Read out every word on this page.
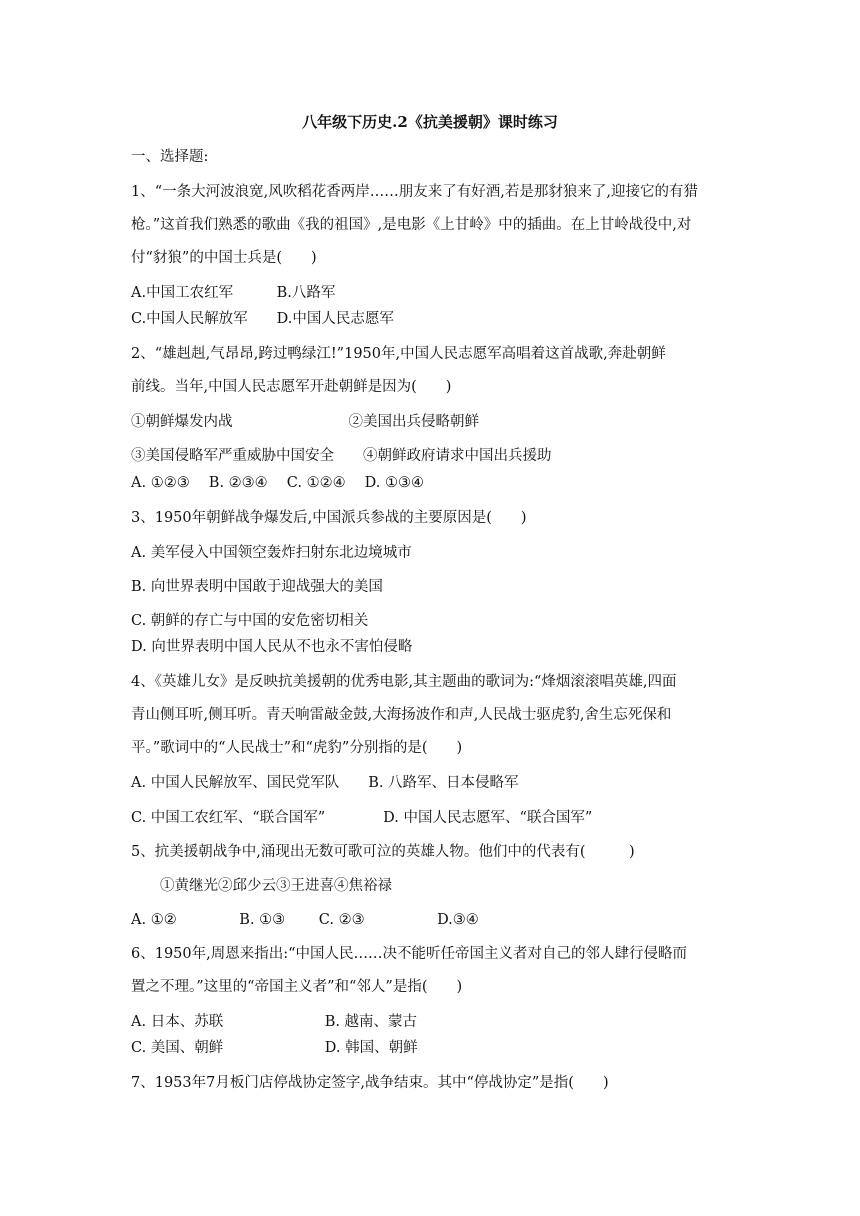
八年级下历史.2《抗美援朝》课时练习
一、选择题:
1、“一条大河波浪宽,风吹稻花香两岸……朋友来了有好酒,若是那豺狼来了,迎接它的有猎
枪。”这首我们熟悉的歌曲《我的祖国》,是电影《上甘岭》中的插曲。在上甘岭战役中,对
付“豺狼”的中国士兵是(　　)
A.中国工农红军　　　B.八路军
C.中国人民解放军　　D.中国人民志愿军
2、“雄赳赳,气昂昂,跨过鸭绿江!”1950年,中国人民志愿军高唱着这首战歌,奔赴朝鲜
前线。当年,中国人民志愿军开赴朝鲜是因为(　　)
①朝鲜爆发内战　　　　　　　　②美国出兵侵略朝鲜
③美国侵略军严重威胁中国安全　　④朝鲜政府请求中国出兵援助
A. ①②③　 B. ②③④　 C. ①②④　 D. ①③④
3、1950年朝鲜战争爆发后,中国派兵参战的主要原因是(　　)
A. 美军侵入中国领空轰炸扫射东北边境城市
B. 向世界表明中国敢于迎战强大的美国
C. 朝鲜的存亡与中国的安危密切相关
D. 向世界表明中国人民从不也永不害怕侵略
4、《英雄儿女》是反映抗美援朝的优秀电影,其主题曲的歌词为:“烽烟滚滚唱英雄,四面
青山侧耳听,侧耳听。青天响雷敲金鼓,大海扬波作和声,人民战士驱虎豹,舍生忘死保和
平。”歌词中的“人民战士”和“虎豹”分别指的是(　　)
A. 中国人民解放军、国民党军队　　B. 八路军、日本侵略军
C. 中国工农红军、“联合国军”　　　　D. 中国人民志愿军、“联合国军”
5、抗美援朝战争中,涌现出无数可歌可泣的英雄人物。他们中的代表有(　　　)
①黄继光②邱少云③王进喜④焦裕禄
A. ①②　　　　 B. ①③　　 C. ②③　　　　　D.③④
6、1950年,周恩来指出:“中国人民……决不能听任帝国主义者对自己的邻人肆行侵略而
置之不理。”这里的“帝国主义者”和“邻人”是指(　　)
A. 日本、苏联　　　　　　　B. 越南、蒙古
C. 美国、朝鲜　　　　　　　D. 韩国、朝鲜
7、1953年7月板门店停战协定签字,战争结束。其中“停战协定”是指(　　)
